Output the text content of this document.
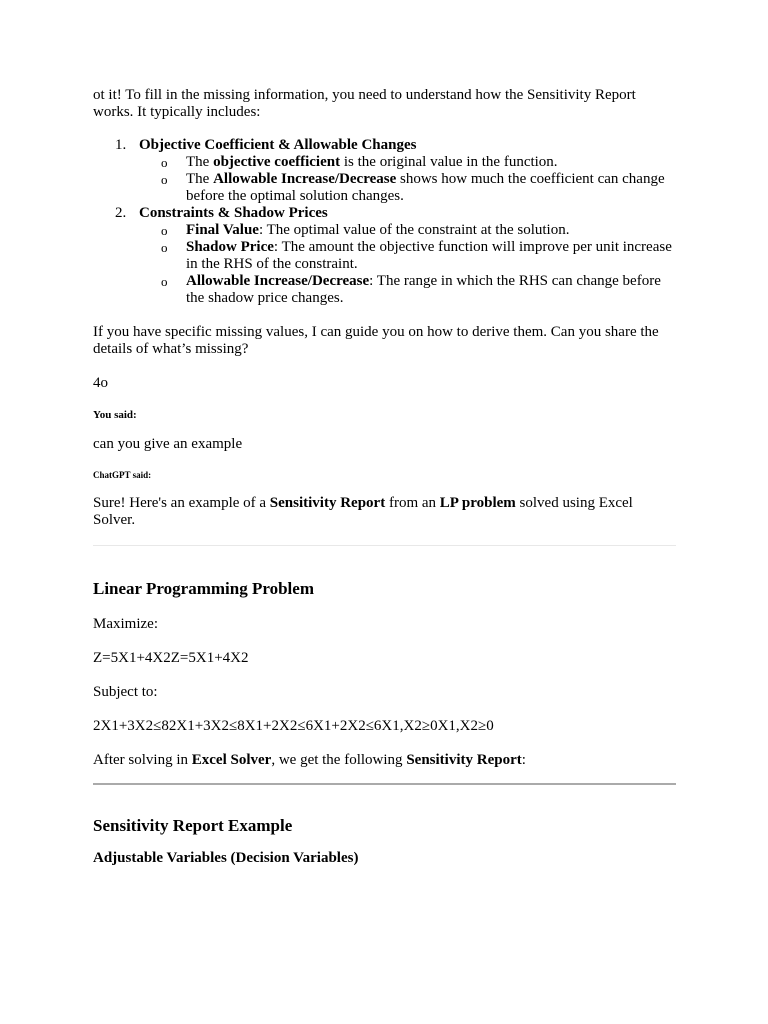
ot it! To fill in the missing information, you need to understand how the Sensitivity Report works. It typically includes:

1. Objective Coefficient & Allowable Changes
o The objective coefficient is the original value in the function.
o The Allowable Increase/Decrease shows how much the coefficient can change before the optimal solution changes.
2. Constraints & Shadow Prices
o Final Value: The optimal value of the constraint at the solution.
o Shadow Price: The amount the objective function will improve per unit increase in the RHS of the constraint.
o Allowable Increase/Decrease: The range in which the RHS can change before the shadow price changes.

If you have specific missing values, I can guide you on how to derive them. Can you share the details of what’s missing?

4o

You said:

can you give an example

ChatGPT said:

Sure! Here's an example of a Sensitivity Report from an LP problem solved using Excel Solver.

Linear Programming Problem

Maximize:

Z=5X1+4X2Z=5X1+4X2

Subject to:

2X1+3X2≤82X1+3X2≤8X1+2X2≤6X1+2X2≤6X1,X2≥0X1,X2≥0

After solving in Excel Solver, we get the following Sensitivity Report:

Sensitivity Report Example
Adjustable Variables (Decision Variables)
